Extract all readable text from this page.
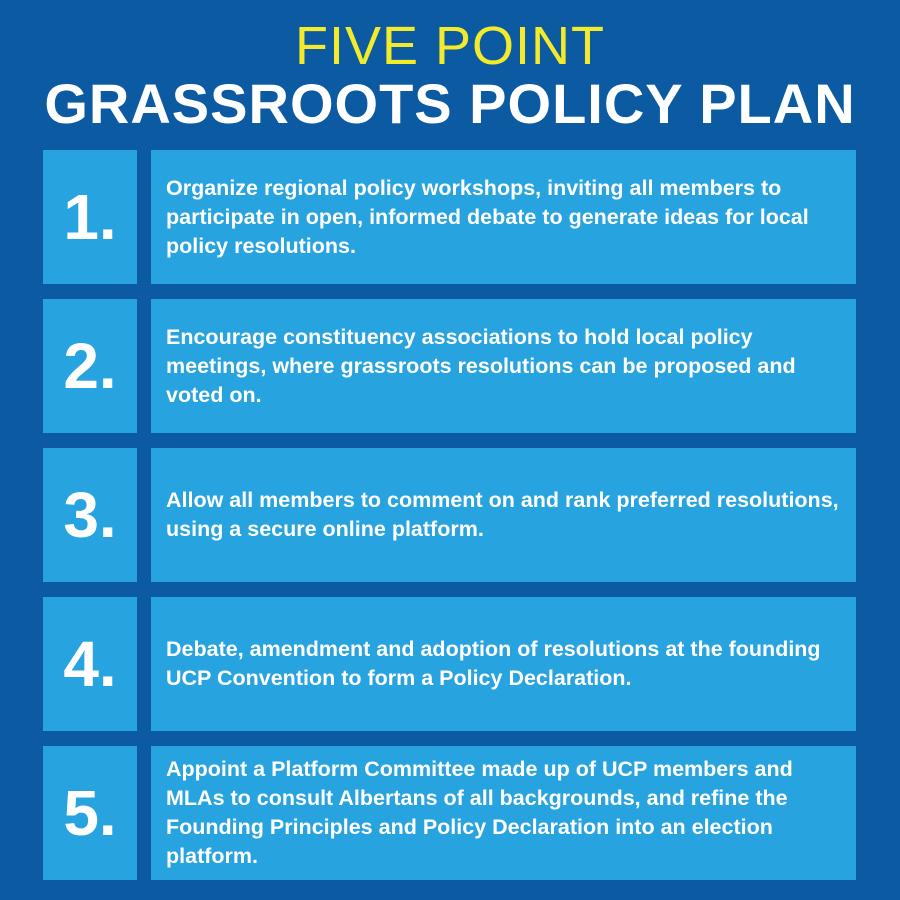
FIVE POINT
GRASSROOTS POLICY PLAN
1.	Organize regional policy workshops, inviting all members to participate in open, informed debate to generate ideas for local policy resolutions.
2.	Encourage constituency associations to hold local policy meetings, where grassroots resolutions can be proposed and voted on.
3.	Allow all members to comment on and rank preferred resolutions, using a secure online platform.
4.	Debate, amendment and adoption of resolutions at the founding UCP Convention to form a Policy Declaration.
5.
Appoint a Platform Committee made up of UCP members and MLAs to consult Albertans of all backgrounds, and refine the Founding Principles and Policy Declaration into an election platform.
